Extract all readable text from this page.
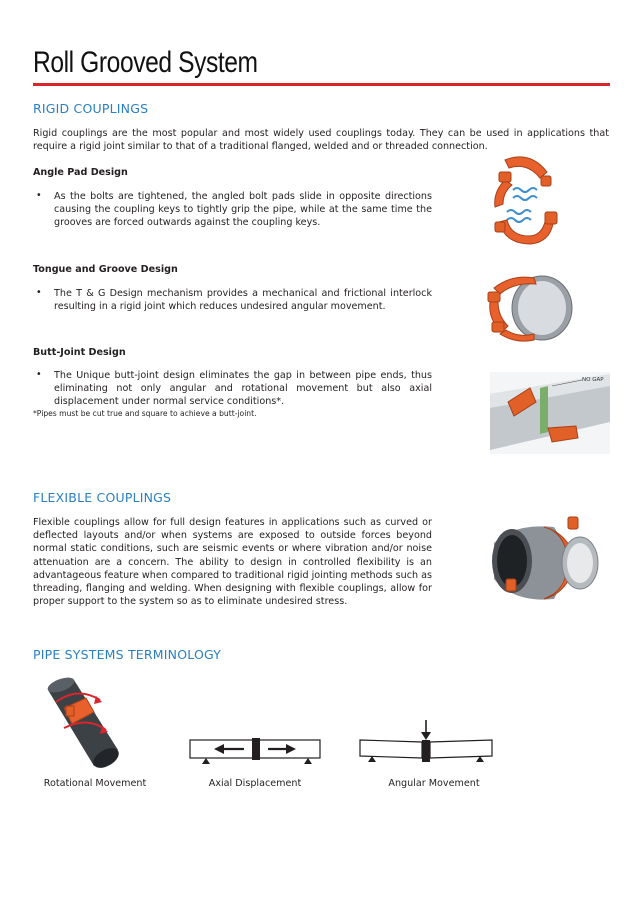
Roll Grooved System
RIGID COUPLINGS
Rigid couplings are the most popular and most widely used couplings today. They can be used in applications that require a rigid joint similar to that of a traditional flanged, welded and or threaded connection.
Angle Pad Design
• As the bolts are tightened, the angled bolt pads slide in opposite directions causing the coupling keys to tightly grip the pipe, while at the same time the grooves are forced outwards against the coupling keys.
Tongue and Groove Design
• The T & G Design mechanism provides a mechanical and frictional interlock resulting in a rigid joint which reduces undesired angular movement.
Butt-Joint Design
• The Unique butt-joint design eliminates the gap in between pipe ends, thus eliminating not only angular and rotational movement but also axial displacement under normal service conditions*.
*Pipes must be cut true and square to achieve a butt-joint.
FLEXIBLE COUPLINGS
Flexible couplings allow for full design features in applications such as curved or deflected layouts and/or when systems are exposed to outside forces beyond normal static conditions, such are seismic events or where vibration and/or noise attenuation are a concern. The ability to design in controlled flexibility is an advantageous feature when compared to traditional rigid jointing methods such as threading, flanging and welding. When designing with flexible couplings, allow for proper support to the system so as to eliminate undesired stress.
PIPE SYSTEMS TERMINOLOGY
NO GAP
Rotational Movement	Axial Displacement	Angular Movement
